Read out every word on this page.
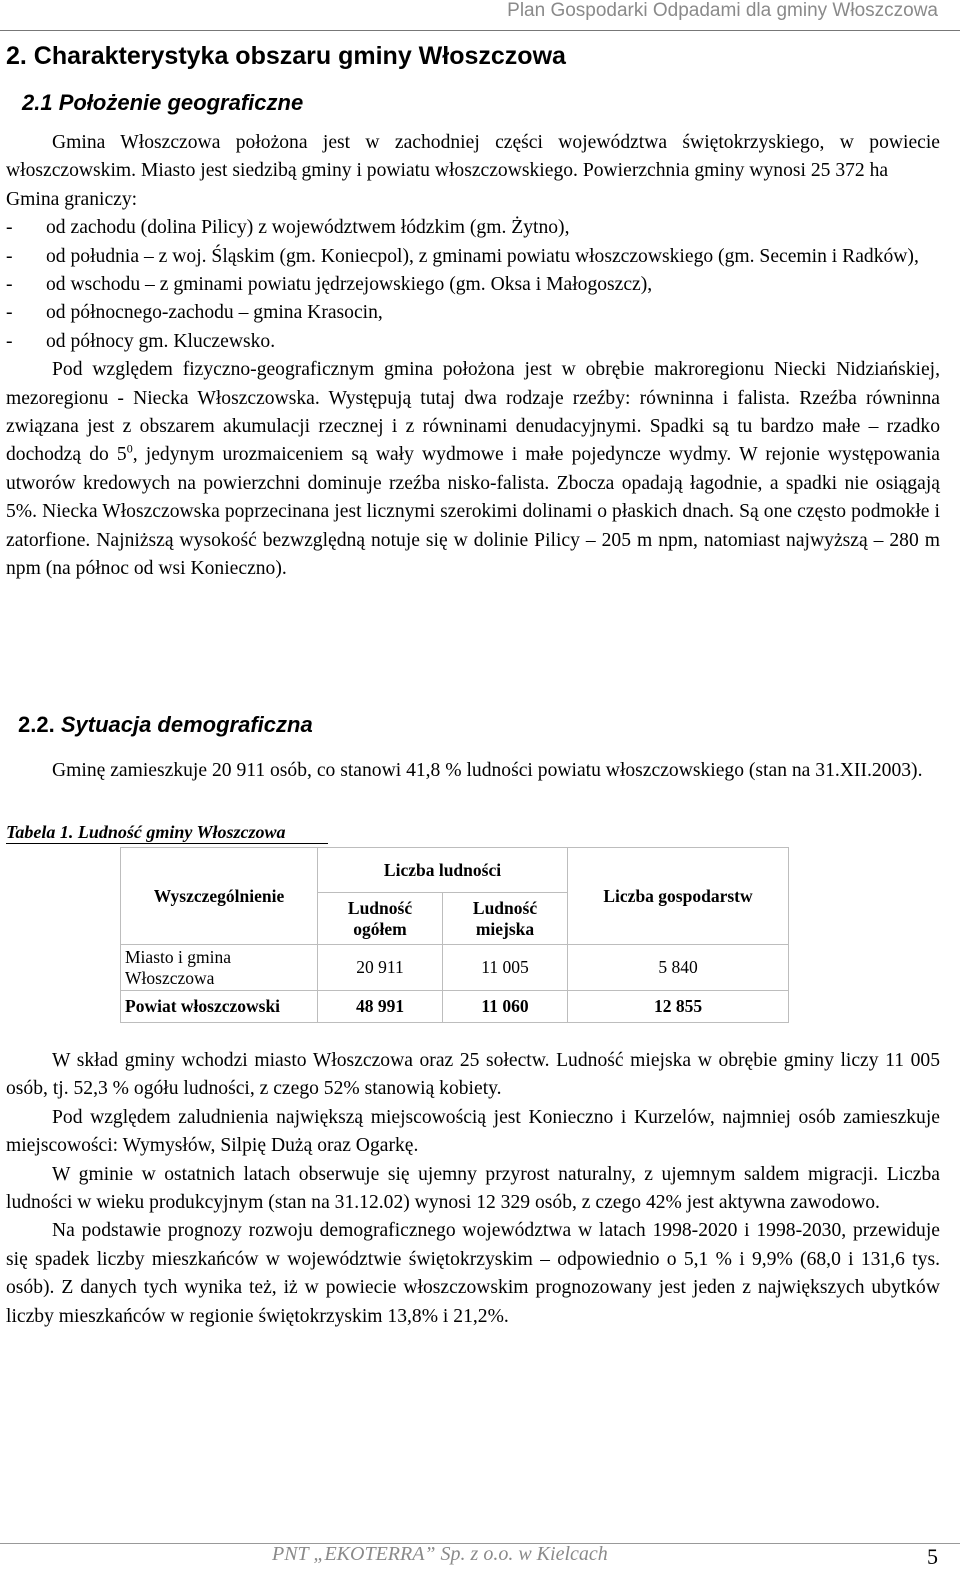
Plan Gospodarki Odpadami dla gminy Włoszczowa
2. Charakterystyka obszaru gminy Włoszczowa
2.1 Położenie geograficzne
Gmina Włoszczowa położona jest w zachodniej części województwa świętokrzyskiego, w powiecie włoszczowskim. Miasto jest siedzibą gminy i powiatu włoszczowskiego. Powierzchnia gminy wynosi 25 372 ha
Gmina graniczy:
-	od zachodu (dolina Pilicy) z województwem łódzkim (gm. Żytno),
-	od południa – z woj. Śląskim (gm. Koniecpol), z gminami powiatu włoszczowskiego (gm. Secemin i Radków),
-	od wschodu – z gminami powiatu jędrzejowskiego (gm. Oksa i Małogoszcz),
-	od północnego-zachodu – gmina Krasocin,
-	od północy gm. Kluczewsko.
Pod względem fizyczno-geograficznym gmina położona jest w obrębie makroregionu Niecki Nidziańskiej, mezoregionu - Niecka Włoszczowska. Występują tutaj dwa rodzaje rzeźby: równinna i falista. Rzeźba równinna związana jest z obszarem akumulacji rzecznej i z równinami denudacyjnymi. Spadki są tu bardzo małe – rzadko dochodzą do $5^0$, jedynym urozmaiceniem są wały wydmowe i małe pojedyncze wydmy. W rejonie występowania utworów kredowych na powierzchni dominuje rzeźba nisko-falista. Zbocza opadają łagodnie, a spadki nie osiągają 5%. Niecka Włoszczowska poprzecinana jest licznymi szerokimi dolinami o płaskich dnach. Są one często podmokłe i zatorfione. Najniższą wysokość bezwzględną notuje się w dolinie Pilicy – 205 m npm, natomiast najwyższą – 280 m npm (na północ od wsi Konieczno).
2.2. Sytuacja demograficzna
Gminę zamieszkuje 20 911 osób, co stanowi 41,8 % ludności powiatu włoszczowskiego (stan na 31.XII.2003).
Tabela 1. Ludność gminy Włoszczowa
Wyszczególnienie	Liczba ludności		Liczba gospodarstw
	Ludność ogółem	Ludność miejska	
Miasto i gmina Włoszczowa	20 911	11 005	5 840
Powiat włoszczowski	48 991	11 060	12 855
W skład gminy wchodzi miasto Włoszczowa oraz 25 sołectw. Ludność miejska w obrębie gminy liczy 11 005 osób, tj. 52,3 % ogółu ludności, z czego 52% stanowią kobiety.
Pod względem zaludnienia największą miejscowością jest Konieczno i Kurzelów, najmniej osób zamieszkuje miejscowości: Wymysłów, Silpię Dużą oraz Ogarkę.
W gminie w ostatnich latach obserwuje się ujemny przyrost naturalny, z ujemnym saldem migracji. Liczba ludności w wieku produkcyjnym (stan na 31.12.02) wynosi 12 329 osób, z czego 42% jest aktywna zawodowo.
Na podstawie prognozy rozwoju demograficznego województwa w latach 1998-2020 i 1998-2030, przewiduje się spadek liczby mieszkańców w województwie świętokrzyskim – odpowiednio o 5,1 % i 9,9% (68,0 i 131,6 tys. osób). Z danych tych wynika też, iż w powiecie włoszczowskim prognozowany jest jeden z największych ubytków liczby mieszkańców w regionie świętokrzyskim 13,8% i 21,2%.
PNT „EKOTERRA” Sp. z o.o. w Kielcach	5
